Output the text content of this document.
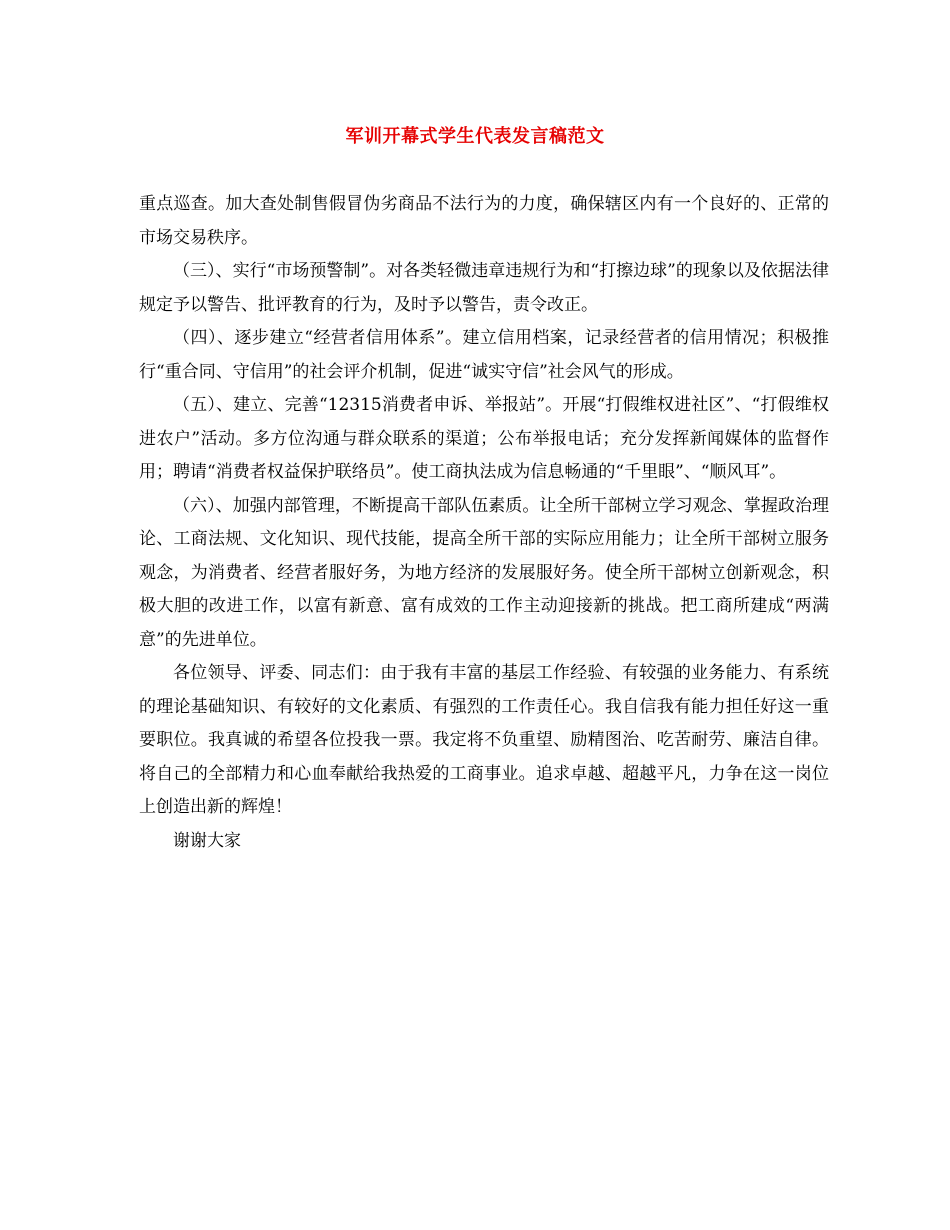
军训开幕式学生代表发言稿范文

重点巡查。加大查处制售假冒伪劣商品不法行为的力度，确保辖区内有一个良好的、正常的市场交易秩序。

（三）、实行“市场预警制”。对各类轻微违章违规行为和“打擦边球”的现象以及依据法律规定予以警告、批评教育的行为，及时予以警告，责令改正。

（四）、逐步建立“经营者信用体系”。建立信用档案，记录经营者的信用情况；积极推行“重合同、守信用”的社会评介机制，促进“诚实守信”社会风气的形成。

（五）、建立、完善“12315消费者申诉、举报站”。开展“打假维权进社区”、“打假维权进农户”活动。多方位沟通与群众联系的渠道；公布举报电话；充分发挥新闻媒体的监督作用；聘请“消费者权益保护联络员”。使工商执法成为信息畅通的“千里眼”、“顺风耳”。

（六）、加强内部管理，不断提高干部队伍素质。让全所干部树立学习观念、掌握政治理论、工商法规、文化知识、现代技能，提高全所干部的实际应用能力；让全所干部树立服务观念，为消费者、经营者服好务，为地方经济的发展服好务。使全所干部树立创新观念，积极大胆的改进工作，以富有新意、富有成效的工作主动迎接新的挑战。把工商所建成“两满意”的先进单位。

各位领导、评委、同志们：由于我有丰富的基层工作经验、有较强的业务能力、有系统的理论基础知识、有较好的文化素质、有强烈的工作责任心。我自信我有能力担任好这一重要职位。我真诚的希望各位投我一票。我定将不负重望、励精图治、吃苦耐劳、廉洁自律。将自己的全部精力和心血奉献给我热爱的工商事业。追求卓越、超越平凡，力争在这一岗位上创造出新的辉煌！

谢谢大家
